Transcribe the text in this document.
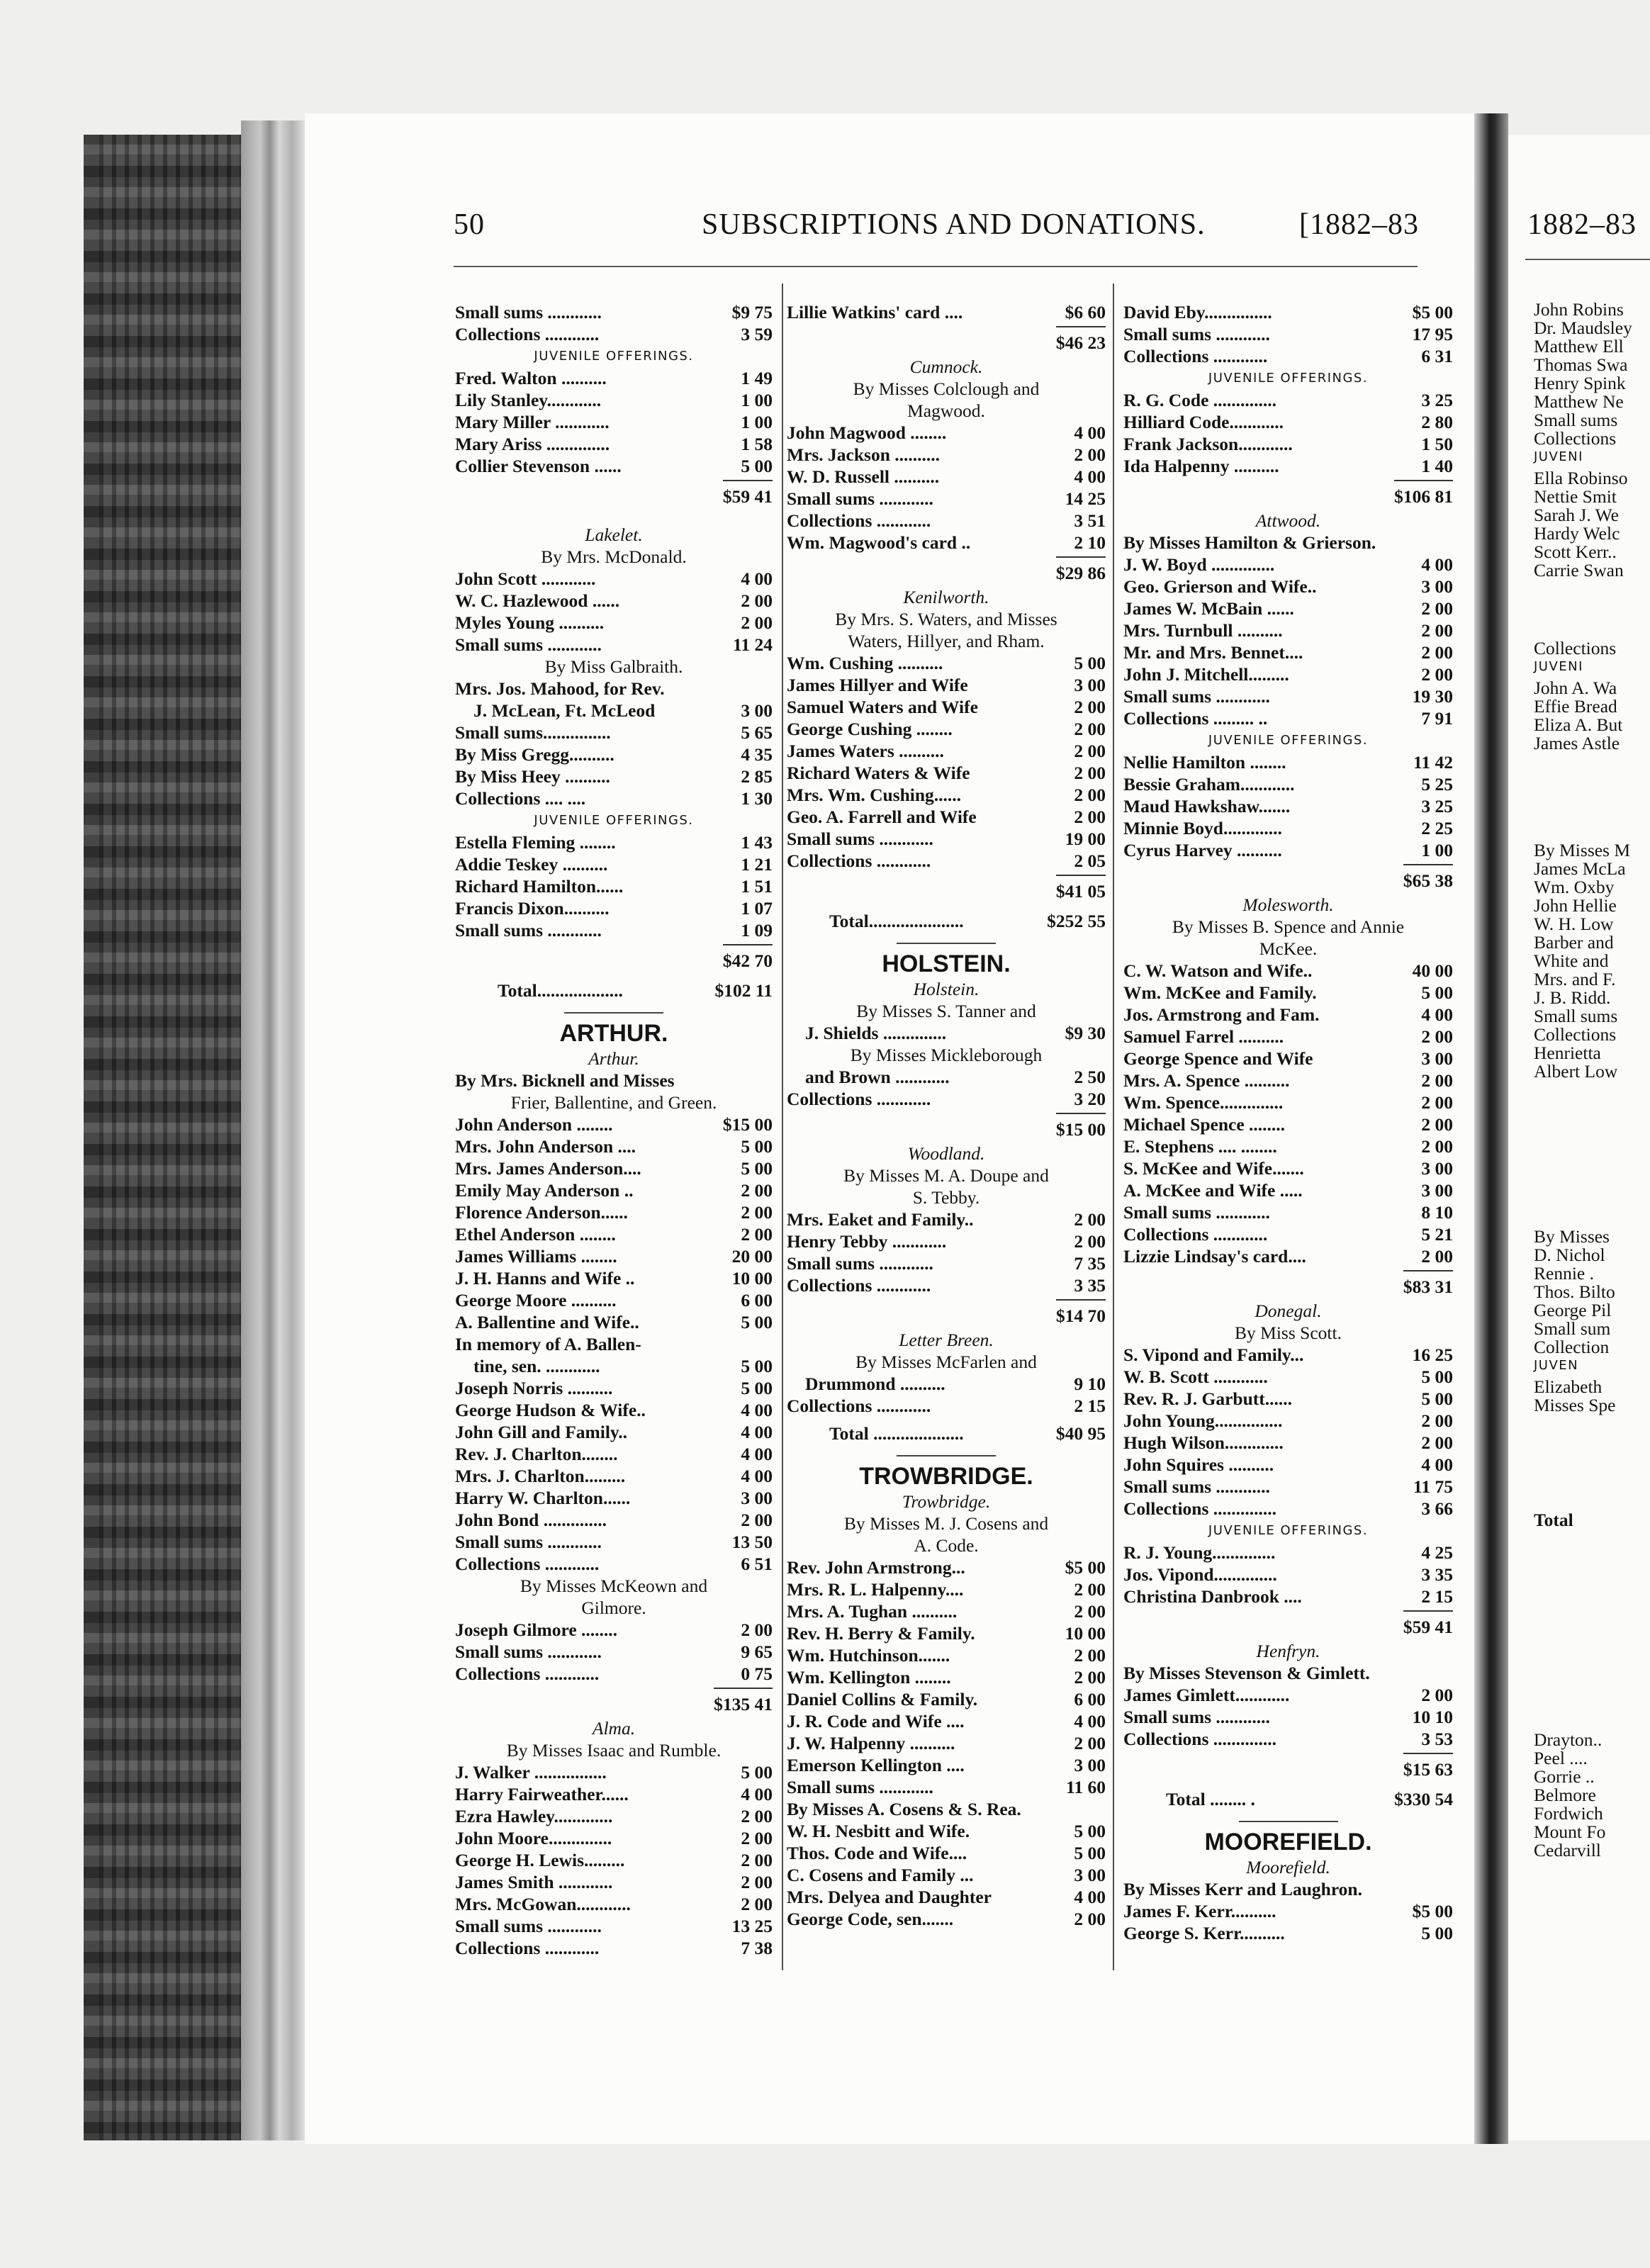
50	SUBSCRIPTIONS AND DONATIONS.	[1882–83	1882–83
Small sums ............	$9 75
Collections ............	3 59
JUVENILE OFFERINGS.
Fred. Walton ..........	1 49
Lily Stanley............	1 00
Mary Miller ............	1 00
Mary Ariss ..............	1 58
Collier Stevenson ......	5 00
$59 41
Lakelet.
By Mrs. McDonald.
John Scott ............	4 00
W. C. Hazlewood ......	2 00
Myles Young ..........	2 00
Small sums ............	11 24
By Miss Galbraith.
Mrs. Jos. Mahood, for Rev.
J. McLean, Ft. McLeod	3 00
Small sums...............	5 65
By Miss Gregg..........	4 35
By Miss Heey ..........	2 85
Collections .... ....	1 30
JUVENILE OFFERINGS.
Estella Fleming ........	1 43
Addie Teskey ..........	1 21
Richard Hamilton......	1 51
Francis Dixon..........	1 07
Small sums ............	1 09
$42 70
Total...................	$102 11
ARTHUR.
Arthur.
By Mrs. Bicknell and Misses
Frier, Ballentine, and Green.
John Anderson ........	$15 00
Mrs. John Anderson ....	5 00
Mrs. James Anderson....	5 00
Emily May Anderson ..	2 00
Florence Anderson......	2 00
Ethel Anderson ........	2 00
James Williams ........	20 00
J. H. Hanns and Wife ..	10 00
George Moore ..........	6 00
A. Ballentine and Wife..	5 00
In memory of A. Ballen-
tine, sen. ............	5 00
Joseph Norris ..........	5 00
George Hudson & Wife..	4 00
John Gill and Family..	4 00
Rev. J. Charlton........	4 00
Mrs. J. Charlton.........	4 00
Harry W. Charlton......	3 00
John Bond ..............	2 00
Small sums ............	13 50
Collections ............	6 51
By Misses McKeown and
Gilmore.
Joseph Gilmore ........	2 00
Small sums ............	9 65
Collections ............	0 75
$135 41
Alma.
By Misses Isaac and Rumble.
J. Walker ................	5 00
Harry Fairweather......	4 00
Ezra Hawley.............	2 00
John Moore..............	2 00
George H. Lewis.........	2 00
James Smith ............	2 00
Mrs. McGowan............	2 00
Small sums ............	13 25
Collections ............	7 38
Lillie Watkins' card ....	$6 60
$46 23
Cumnock.
By Misses Colclough and
Magwood.
John Magwood ........	4 00
Mrs. Jackson ..........	2 00
W. D. Russell ..........	4 00
Small sums ............	14 25
Collections ............	3 51
Wm. Magwood's card ..	2 10
$29 86
Kenilworth.
By Mrs. S. Waters, and Misses
Waters, Hillyer, and Rham.
Wm. Cushing ..........	5 00
James Hillyer and Wife	3 00
Samuel Waters and Wife	2 00
George Cushing ........	2 00
James Waters ..........	2 00
Richard Waters & Wife	2 00
Mrs. Wm. Cushing......	2 00
Geo. A. Farrell and Wife	2 00
Small sums ............	19 00
Collections ............	2 05
$41 05
Total.....................	$252 55
HOLSTEIN.
Holstein.
By Misses S. Tanner and
J. Shields ..............	$9 30
By Misses Mickleborough
and Brown ............	2 50
Collections ............	3 20
$15 00
Woodland.
By Misses M. A. Doupe and
S. Tebby.
Mrs. Eaket and Family..	2 00
Henry Tebby ............	2 00
Small sums ............	7 35
Collections ............	3 35
$14 70
Letter Breen.
By Misses McFarlen and
Drummond ..........	9 10
Collections ............	2 15
Total ....................	$40 95
TROWBRIDGE.
Trowbridge.
By Misses M. J. Cosens and
A. Code.
Rev. John Armstrong...	$5 00
Mrs. R. L. Halpenny....	2 00
Mrs. A. Tughan ..........	2 00
Rev. H. Berry & Family.	10 00
Wm. Hutchinson.......	2 00
Wm. Kellington ........	2 00
Daniel Collins & Family.	6 00
J. R. Code and Wife ....	4 00
J. W. Halpenny ..........	2 00
Emerson Kellington ....	3 00
Small sums ............	11 60
By Misses A. Cosens & S. Rea.
W. H. Nesbitt and Wife.	5 00
Thos. Code and Wife....	5 00
C. Cosens and Family ...	3 00
Mrs. Delyea and Daughter	4 00
George Code, sen.......	2 00
David Eby...............	$5 00
Small sums ............	17 95
Collections ............	6 31
JUVENILE OFFERINGS.
R. G. Code ..............	3 25
Hilliard Code............	2 80
Frank Jackson............	1 50
Ida Halpenny ..........	1 40
$106 81
Attwood.
By Misses Hamilton & Grierson.
J. W. Boyd ..............	4 00
Geo. Grierson and Wife..	3 00
James W. McBain ......	2 00
Mrs. Turnbull ..........	2 00
Mr. and Mrs. Bennet....	2 00
John J. Mitchell.........	2 00
Small sums ............	19 30
Collections ......... ..	7 91
JUVENILE OFFERINGS.
Nellie Hamilton ........	11 42
Bessie Graham............	5 25
Maud Hawkshaw.......	3 25
Minnie Boyd.............	2 25
Cyrus Harvey ..........	1 00
$65 38
Molesworth.
By Misses B. Spence and Annie
McKee.
C. W. Watson and Wife..	40 00
Wm. McKee and Family.	5 00
Jos. Armstrong and Fam.	4 00
Samuel Farrel ..........	2 00
George Spence and Wife	3 00
Mrs. A. Spence ..........	2 00
Wm. Spence..............	2 00
Michael Spence ........	2 00
E. Stephens .... ........	2 00
S. McKee and Wife.......	3 00
A. McKee and Wife .....	3 00
Small sums ............	8 10
Collections ............	5 21
Lizzie Lindsay's card....	2 00
$83 31
Donegal.
By Miss Scott.
S. Vipond and Family...	16 25
W. B. Scott ............	5 00
Rev. R. J. Garbutt......	5 00
John Young...............	2 00
Hugh Wilson.............	2 00
John Squires ..........	4 00
Small sums ............	11 75
Collections ..............	3 66
JUVENILE OFFERINGS.
R. J. Young..............	4 25
Jos. Vipond..............	3 35
Christina Danbrook ....	2 15
$59 41
Henfryn.
By Misses Stevenson & Gimlett.
James Gimlett............	2 00
Small sums ............	10 10
Collections ..............	3 53
$15 63
Total ........ .	$330 54
MOOREFIELD.
Moorefield.
By Misses Kerr and Laughron.
James F. Kerr..........	$5 00
George S. Kerr..........	5 00
John Robins
Dr. Maudsley
Matthew Ell
Thomas Swa
Henry Spink
Matthew Ne
Small sums
Collections
JUVENI
Ella Robinso
Nettie Smit
Sarah J. We
Hardy Welc
Scott Kerr..
Carrie Swan
Collections
JUVENI
John A. Wa
Effie Bread
Eliza A. But
James Astle
By Misses M
James McLa
Wm. Oxby
John Hellie
W. H. Low
Barber and
White and
Mrs. and F.
J. B. Ridd.
Small sums
Collections
Henrietta
Albert Low
By Misses
D. Nichol
Rennie .
Thos. Bilto
George Pil
Small sum
Collection
JUVEN
Elizabeth
Misses Spe
Total
Drayton..
Peel ....
Gorrie ..
Belmore
Fordwich
Mount Fo
Cedarvill
